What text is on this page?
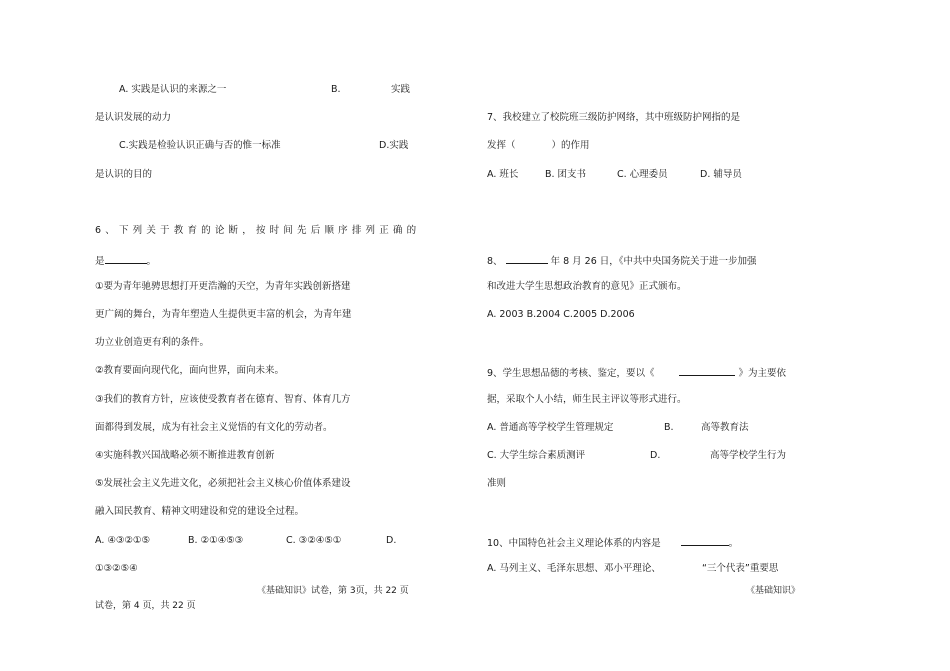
A. 实践是认识的来源之一	B.	实践
是认识发展的动力
C.实践是检验认识正确与否的惟一标准	D.实践
是认识的目的
6、下列关于教育的论断，按时间先后顺序排列正确的
是	。
①要为青年驰骋思想打开更浩瀚的天空，为青年实践创新搭建
更广阔的舞台，为青年塑造人生提供更丰富的机会，为青年建
功立业创造更有利的条件。
②教育要面向现代化，面向世界，面向未来。
③我们的教育方针，应该使受教育者在德育、智育、体育几方
面都得到发展，成为有社会主义觉悟的有文化的劳动者。
④实施科教兴国战略必须不断推进教育创新
⑤发展社会主义先进文化，必须把社会主义核心价值体系建设
融入国民教育、精神文明建设和党的建设全过程。
A. ④③②①⑤	B. ②①④⑤③	C. ③②④⑤①	D.
①③②⑤④
《基础知识》试卷，第 3页，共 22 页
试卷，第 4 页，共 22 页
7、我校建立了校院班三级防护网络，其中班级防护网指的是
发挥（	）的作用
A. 班长	B. 团支书	C. 心理委员	D. 辅导员
8、	年 8 月 26 日，《中共中央国务院关于进一步加强
和改进大学生思想政治教育的意见》正式颁布。
A. 2003 B.2004 C.2005 D.2006
9、学生思想品德的考核、鉴定，要以《	》为主要依
据，采取个人小结，师生民主评议等形式进行。
A. 普通高等学校学生管理规定	B.	高等教育法
C. 大学生综合素质测评	D.	高等学校学生行为
准则
10、中国特色社会主义理论体系的内容是	。
A. 马列主义、毛泽东思想、邓小平理论、	“三个代表”重要思
《基础知识》
